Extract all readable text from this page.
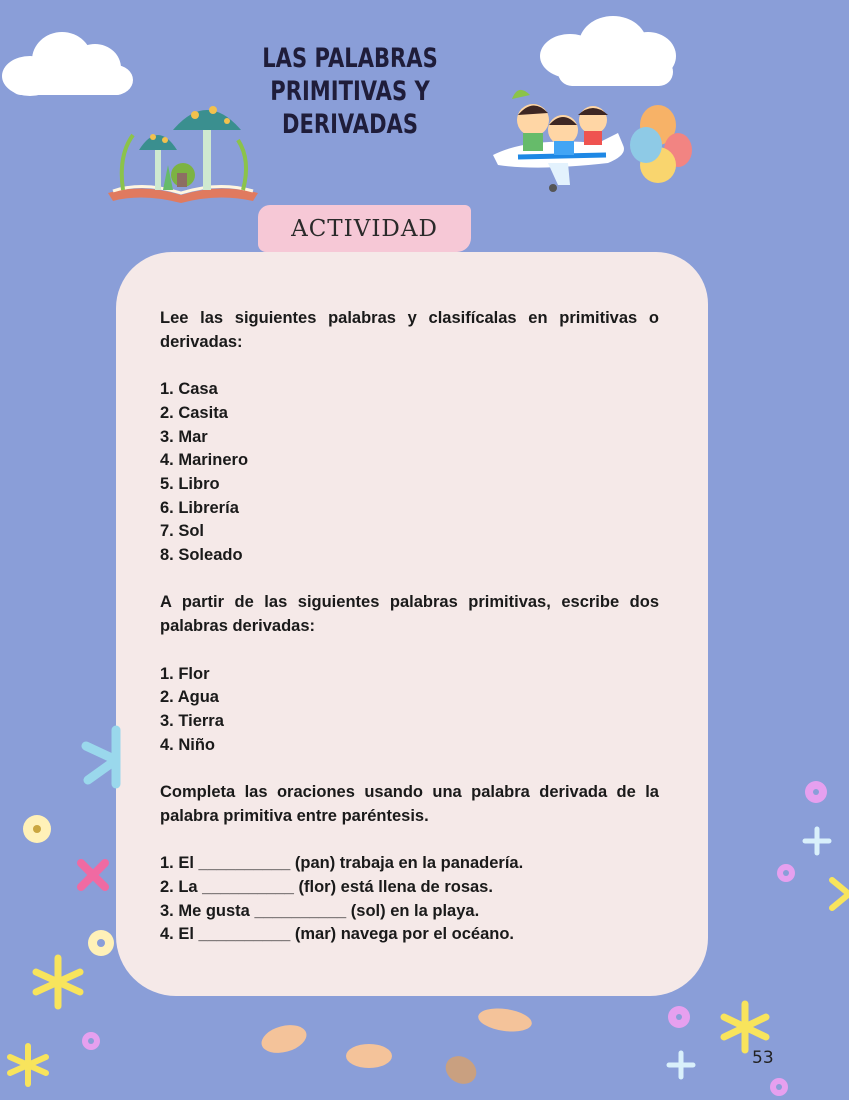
LAS PALABRAS PRIMITIVAS Y
DERIVADAS
ACTIVIDAD

Lee las siguientes palabras y clasifícalas en primitivas o derivadas:

1. Casa

2. Casita

3. Mar

4. Marinero

5. Libro

6. Librería

7. Sol

8. Soleado

A partir de las siguientes palabras primitivas, escribe dos palabras derivadas:

1. Flor

2. Agua

3. Tierra

4. Niño

Completa las oraciones usando una palabra derivada de la palabra primitiva entre paréntesis.

1. El __________ (pan) trabaja en la panadería.

2. La __________ (flor) está llena de rosas.

3. Me gusta __________ (sol) en la playa.

4. El __________ (mar) navega por el océano.

53
